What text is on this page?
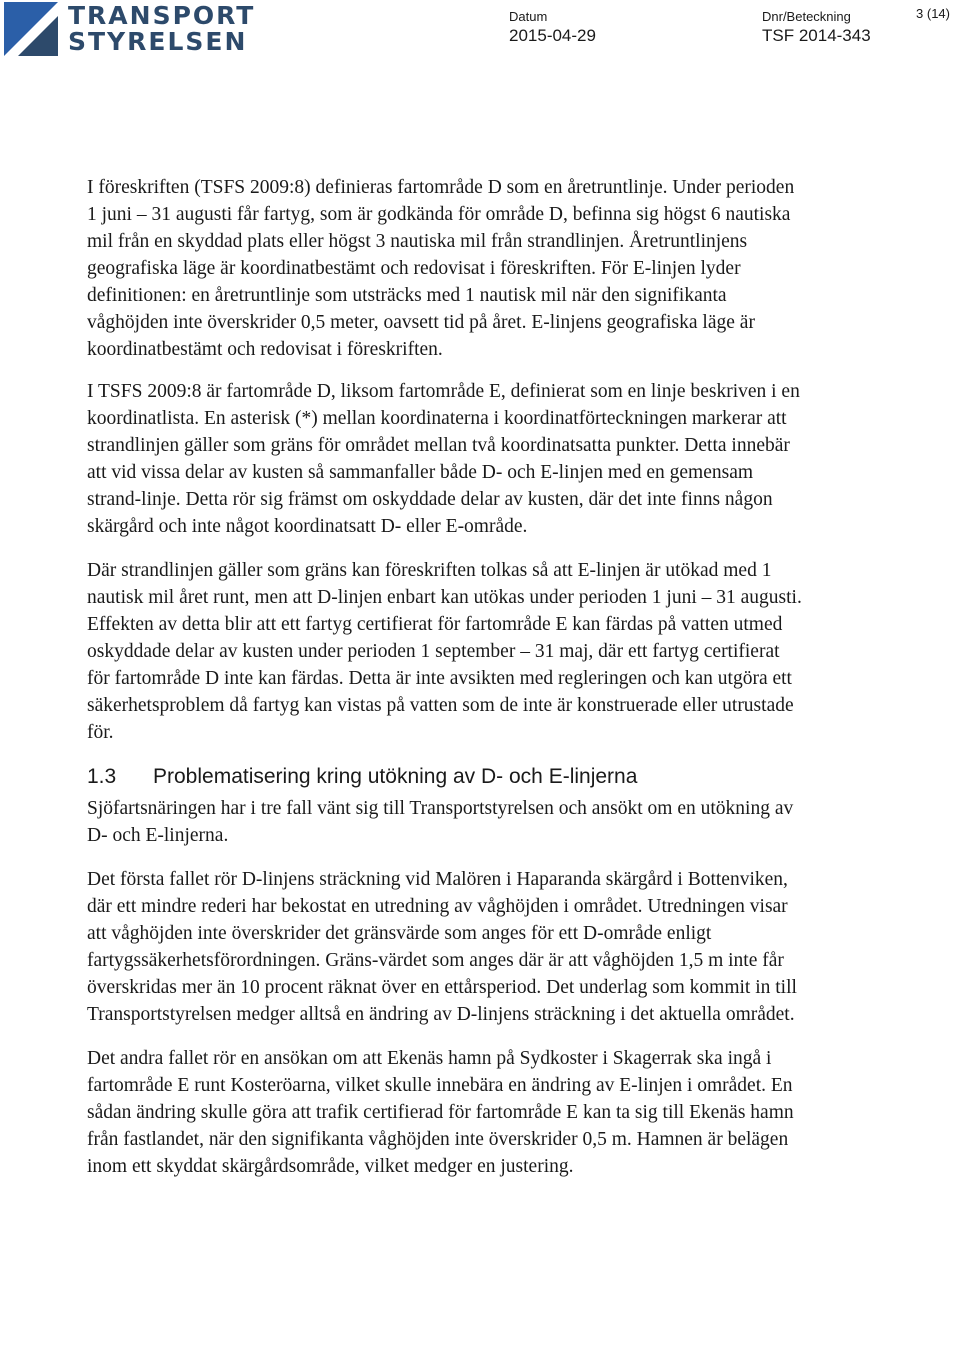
TRANSPORT
STYRELSEN
Datum
2015-04-29
Dnr/Beteckning
TSF 2014-343
3 (14)

I föreskriften (TSFS 2009:8) definieras fartområde D som en åretruntlinje. Under perioden 1 juni – 31 augusti får fartyg, som är godkända för område D, befinna sig högst 6 nautiska mil från en skyddad plats eller högst 3 nautiska mil från strandlinjen. Åretruntlinjens geografiska läge är koordinatbestämt och redovisat i föreskriften. För E-linjen lyder definitionen: en åretruntlinje som utsträcks med 1 nautisk mil när den signifikanta våghöjden inte överskrider 0,5 meter, oavsett tid på året. E-linjens geografiska läge är koordinatbestämt och redovisat i föreskriften.

I TSFS 2009:8 är fartområde D, liksom fartområde E, definierat som en linje beskriven i en koordinatlista. En asterisk (*) mellan koordinaterna i koordinatförteckningen markerar att strandlinjen gäller som gräns för området mellan två koordinatsatta punkter. Detta innebär att vid vissa delar av kusten så sammanfaller både D- och E-linjen med en gemensam strand-linje. Detta rör sig främst om oskyddade delar av kusten, där det inte finns någon skärgård och inte något koordinatsatt D- eller E-område.

Där strandlinjen gäller som gräns kan föreskriften tolkas så att E-linjen är utökad med 1 nautisk mil året runt, men att D-linjen enbart kan utökas under perioden 1 juni – 31 augusti. Effekten av detta blir att ett fartyg certifierat för fartområde E kan färdas på vatten utmed oskyddade delar av kusten under perioden 1 september – 31 maj, där ett fartyg certifierat för fartområde D inte kan färdas. Detta är inte avsikten med regleringen och kan utgöra ett säkerhetsproblem då fartyg kan vistas på vatten som de inte är konstruerade eller utrustade för.

1.3 Problematisering kring utökning av D- och E-linjerna

Sjöfartsnäringen har i tre fall vänt sig till Transportstyrelsen och ansökt om en utökning av D- och E-linjerna.

Det första fallet rör D-linjens sträckning vid Malören i Haparanda skärgård i Bottenviken, där ett mindre rederi har bekostat en utredning av våghöjden i området. Utredningen visar att våghöjden inte överskrider det gränsvärde som anges för ett D-område enligt fartygssäkerhetsförordningen. Gräns-värdet som anges där är att våghöjden 1,5 m inte får överskridas mer än 10 procent räknat över en ettårsperiod. Det underlag som kommit in till Transportstyrelsen medger alltså en ändring av D-linjens sträckning i det aktuella området.

Det andra fallet rör en ansökan om att Ekenäs hamn på Sydkoster i Skagerrak ska ingå i fartområde E runt Kosteröarna, vilket skulle innebära en ändring av E-linjen i området. En sådan ändring skulle göra att trafik certifierad för fartområde E kan ta sig till Ekenäs hamn från fastlandet, när den signifikanta våghöjden inte överskrider 0,5 m. Hamnen är belägen inom ett skyddat skärgårdsområde, vilket medger en justering.
